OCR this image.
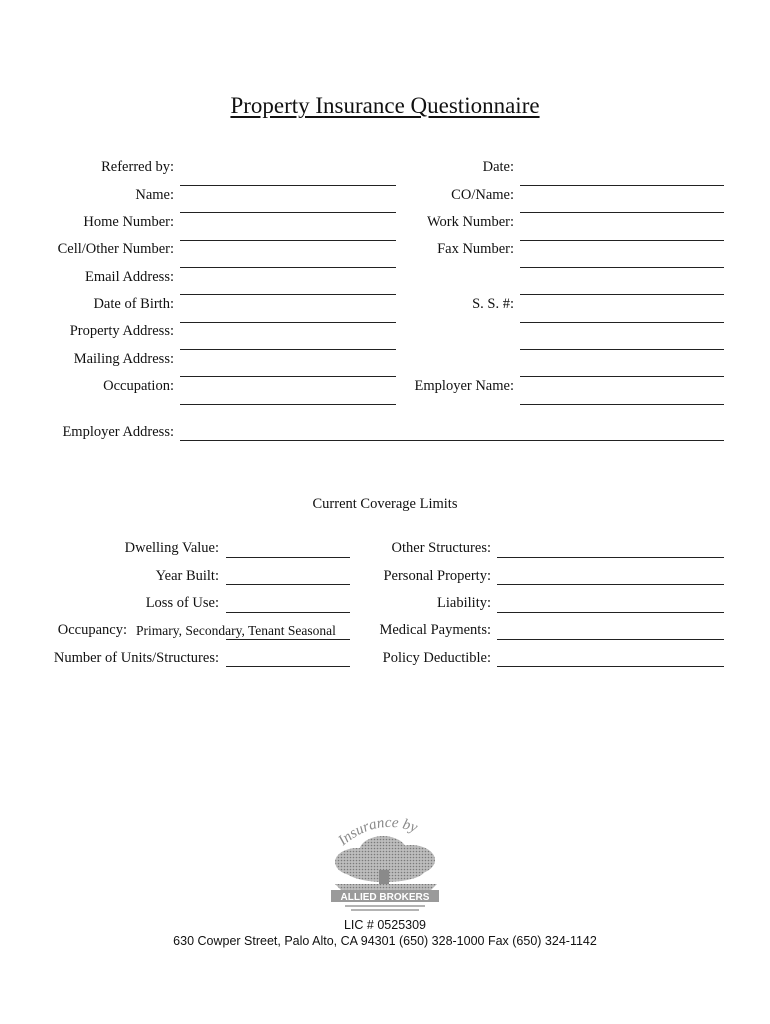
Property Insurance Questionnaire
Referred by:
Name:
Home Number:
Cell/Other Number:
Email Address:
Date of Birth:
Property Address:
Mailing Address:
Occupation:
Date:
CO/Name:
Work Number:
Fax Number:
S. S. #:
Employer Name:
Employer Address:
Current Coverage Limits
Dwelling Value:
Year Built:
Loss of Use:
Occupancy: Primary, Secondary, Tenant Seasonal
Number of Units/Structures:
Other Structures:
Personal Property:
Liability:
Medical Payments:
Policy Deductible:
Insurance by
ALLIED BROKERS
LIC # 0525309
630 Cowper Street, Palo Alto, CA 94301 (650) 328-1000 Fax (650) 324-1142
